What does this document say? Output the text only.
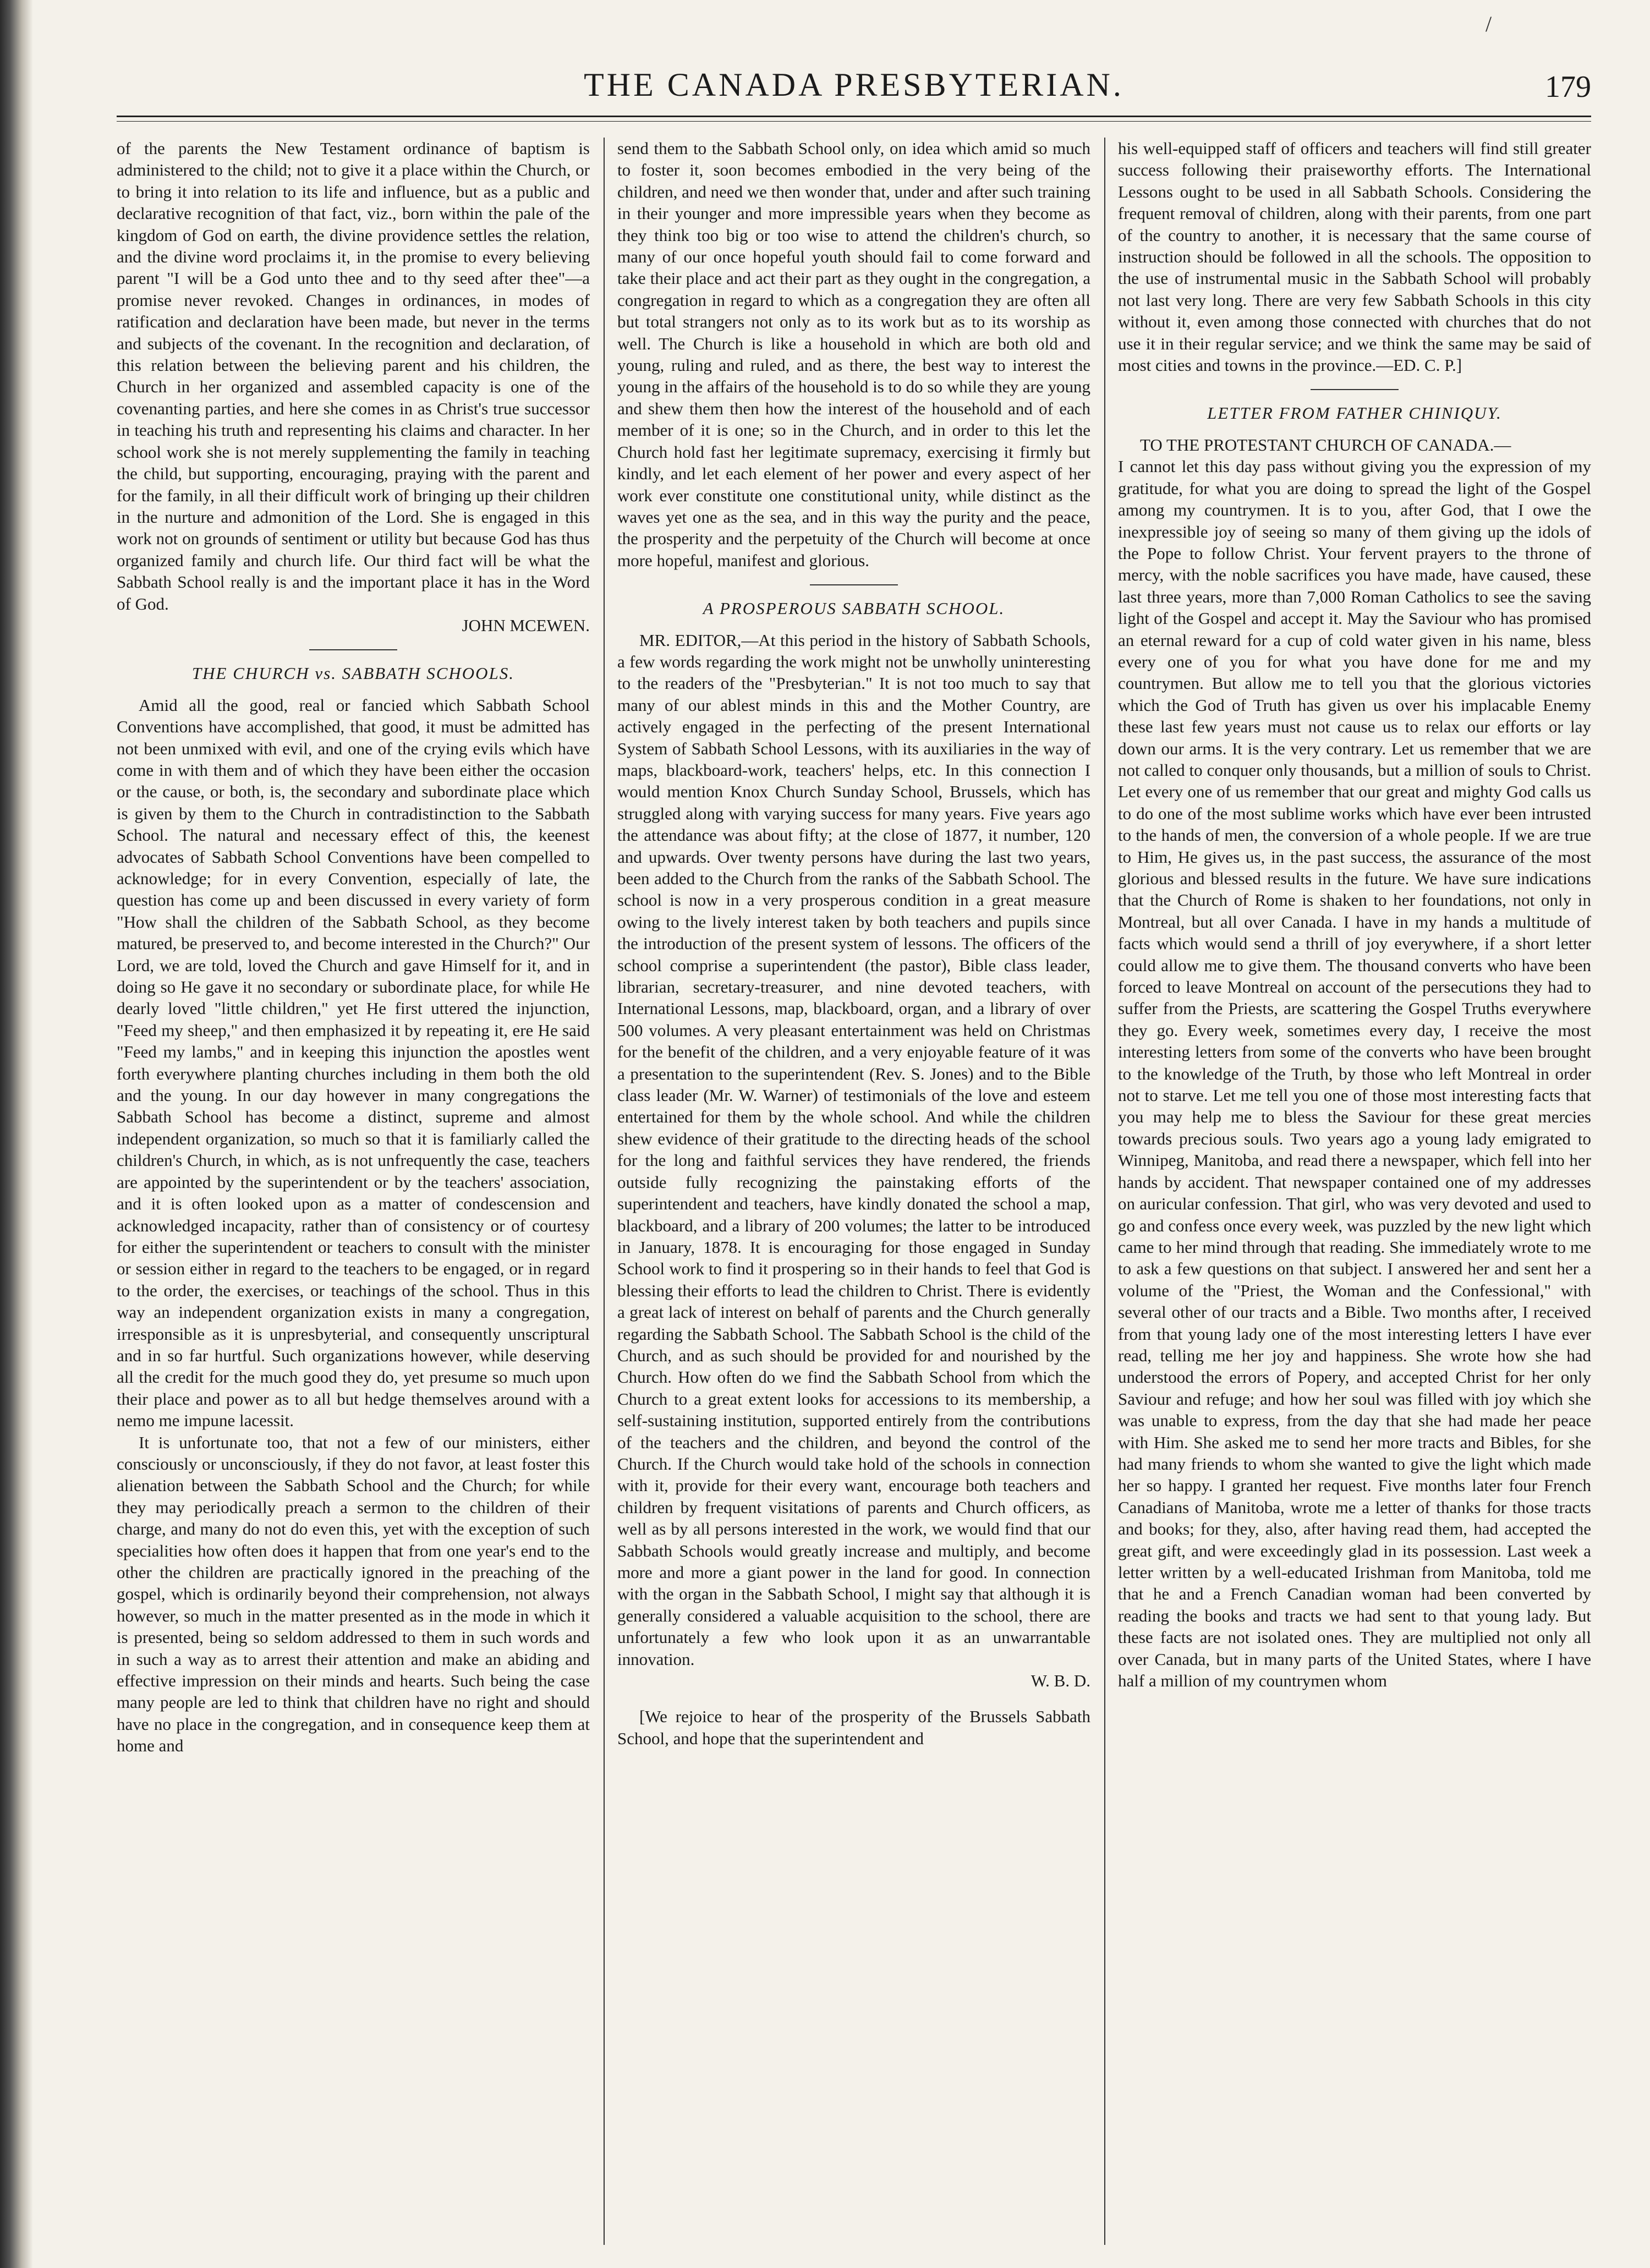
/
THE CANADA PRESBYTERIAN.	179

of the parents the New Testament ordinance of baptism is administered to the child; not to give it a place within the Church, or to bring it into relation to its life and influence, but as a public and declarative recognition of that fact, viz., born within the pale of the kingdom of God on earth, the divine providence settles the relation, and the divine word proclaims it, in the promise to every believing parent "I will be a God unto thee and to thy seed after thee"—a promise never revoked. Changes in ordinances, in modes of ratification and declaration have been made, but never in the terms and subjects of the covenant. In the recognition and declaration, of this relation between the believing parent and his children, the Church in her organized and assembled capacity is one of the covenanting parties, and here she comes in as Christ's true successor in teaching his truth and representing his claims and character. In her school work she is not merely supplementing the family in teaching the child, but supporting, encouraging, praying with the parent and for the family, in all their difficult work of bringing up their children in the nurture and admonition of the Lord. She is engaged in this work not on grounds of sentiment or utility but because God has thus organized family and church life. Our third fact will be what the Sabbath School really is and the important place it has in the Word of God.

JOHN MCEWEN.

THE CHURCH vs. SABBATH SCHOOLS.

Amid all the good, real or fancied which Sabbath School Conventions have accomplished, that good, it must be admitted has not been unmixed with evil, and one of the crying evils which have come in with them and of which they have been either the occasion or the cause, or both, is, the secondary and subordinate place which is given by them to the Church in contradistinction to the Sabbath School. The natural and necessary effect of this, the keenest advocates of Sabbath School Conventions have been compelled to acknowledge; for in every Convention, especially of late, the question has come up and been discussed in every variety of form "How shall the children of the Sabbath School, as they become matured, be preserved to, and become interested in the Church?" Our Lord, we are told, loved the Church and gave Himself for it, and in doing so He gave it no secondary or subordinate place, for while He dearly loved "little children," yet He first uttered the injunction, "Feed my sheep," and then emphasized it by repeating it, ere He said "Feed my lambs," and in keeping this injunction the apostles went forth everywhere planting churches including in them both the old and the young. In our day however in many congregations the Sabbath School has become a distinct, supreme and almost independent organization, so much so that it is familiarly called the children's Church, in which, as is not unfrequently the case, teachers are appointed by the superintendent or by the teachers' association, and it is often looked upon as a matter of condescension and acknowledged incapacity, rather than of consistency or of courtesy for either the superintendent or teachers to consult with the minister or session either in regard to the teachers to be engaged, or in regard to the order, the exercises, or teachings of the school. Thus in this way an independent organization exists in many a congregation, irresponsible as it is unpresbyterial, and consequently unscriptural and in so far hurtful. Such organizations however, while deserving all the credit for the much good they do, yet presume so much upon their place and power as to all but hedge themselves around with a nemo me impune lacessit.

It is unfortunate too, that not a few of our ministers, either consciously or unconsciously, if they do not favor, at least foster this alienation between the Sabbath School and the Church; for while they may periodically preach a sermon to the children of their charge, and many do not do even this, yet with the exception of such specialities how often does it happen that from one year's end to the other the children are practically ignored in the preaching of the gospel, which is ordinarily beyond their comprehension, not always however, so much in the matter presented as in the mode in which it is presented, being so seldom addressed to them in such words and in such a way as to arrest their attention and make an abiding and effective impression on their minds and hearts. Such being the case many people are led to think that children have no right and should have no place in the congregation, and in consequence keep them at home and

send them to the Sabbath School only, on idea which amid so much to foster it, soon becomes embodied in the very being of the children, and need we then wonder that, under and after such training in their younger and more impressible years when they become as they think too big or too wise to attend the children's church, so many of our once hopeful youth should fail to come forward and take their place and act their part as they ought in the congregation, a congregation in regard to which as a congregation they are often all but total strangers not only as to its work but as to its worship as well. The Church is like a household in which are both old and young, ruling and ruled, and as there, the best way to interest the young in the affairs of the household is to do so while they are young and shew them then how the interest of the household and of each member of it is one; so in the Church, and in order to this let the Church hold fast her legitimate supremacy, exercising it firmly but kindly, and let each element of her power and every aspect of her work ever constitute one constitutional unity, while distinct as the waves yet one as the sea, and in this way the purity and the peace, the prosperity and the perpetuity of the Church will become at once more hopeful, manifest and glorious.

A PROSPEROUS SABBATH SCHOOL.

MR. EDITOR,—At this period in the history of Sabbath Schools, a few words regarding the work might not be unwholly uninteresting to the readers of the "Presbyterian." It is not too much to say that many of our ablest minds in this and the Mother Country, are actively engaged in the perfecting of the present International System of Sabbath School Lessons, with its auxiliaries in the way of maps, blackboard-work, teachers' helps, etc. In this connection I would mention Knox Church Sunday School, Brussels, which has struggled along with varying success for many years. Five years ago the attendance was about fifty; at the close of 1877, it number, 120 and upwards. Over twenty persons have during the last two years, been added to the Church from the ranks of the Sabbath School. The school is now in a very prosperous condition in a great measure owing to the lively interest taken by both teachers and pupils since the introduction of the present system of lessons. The officers of the school comprise a superintendent (the pastor), Bible class leader, librarian, secretary-treasurer, and nine devoted teachers, with International Lessons, map, blackboard, organ, and a library of over 500 volumes. A very pleasant entertainment was held on Christmas for the benefit of the children, and a very enjoyable feature of it was a presentation to the superintendent (Rev. S. Jones) and to the Bible class leader (Mr. W. Warner) of testimonials of the love and esteem entertained for them by the whole school. And while the children shew evidence of their gratitude to the directing heads of the school for the long and faithful services they have rendered, the friends outside fully recognizing the painstaking efforts of the superintendent and teachers, have kindly donated the school a map, blackboard, and a library of 200 volumes; the latter to be introduced in January, 1878. It is encouraging for those engaged in Sunday School work to find it prospering so in their hands to feel that God is blessing their efforts to lead the children to Christ. There is evidently a great lack of interest on behalf of parents and the Church generally regarding the Sabbath School. The Sabbath School is the child of the Church, and as such should be provided for and nourished by the Church. How often do we find the Sabbath School from which the Church to a great extent looks for accessions to its membership, a self-sustaining institution, supported entirely from the contributions of the teachers and the children, and beyond the control of the Church. If the Church would take hold of the schools in connection with it, provide for their every want, encourage both teachers and children by frequent visitations of parents and Church officers, as well as by all persons interested in the work, we would find that our Sabbath Schools would greatly increase and multiply, and become more and more a giant power in the land for good. In connection with the organ in the Sabbath School, I might say that although it is generally considered a valuable acquisition to the school, there are unfortunately a few who look upon it as an unwarrantable innovation.

W. B. D.

[We rejoice to hear of the prosperity of the Brussels Sabbath School, and hope that the superintendent and

his well-equipped staff of officers and teachers will find still greater success following their praiseworthy efforts. The International Lessons ought to be used in all Sabbath Schools. Considering the frequent removal of children, along with their parents, from one part of the country to another, it is necessary that the same course of instruction should be followed in all the schools. The opposition to the use of instrumental music in the Sabbath School will probably not last very long. There are very few Sabbath Schools in this city without it, even among those connected with churches that do not use it in their regular service; and we think the same may be said of most cities and towns in the province.—ED. C. P.]

LETTER FROM FATHER CHINIQUY.

TO THE PROTESTANT CHURCH OF CANADA.—

I cannot let this day pass without giving you the expression of my gratitude, for what you are doing to spread the light of the Gospel among my countrymen. It is to you, after God, that I owe the inexpressible joy of seeing so many of them giving up the idols of the Pope to follow Christ. Your fervent prayers to the throne of mercy, with the noble sacrifices you have made, have caused, these last three years, more than 7,000 Roman Catholics to see the saving light of the Gospel and accept it. May the Saviour who has promised an eternal reward for a cup of cold water given in his name, bless every one of you for what you have done for me and my countrymen. But allow me to tell you that the glorious victories which the God of Truth has given us over his implacable Enemy these last few years must not cause us to relax our efforts or lay down our arms. It is the very contrary. Let us remember that we are not called to conquer only thousands, but a million of souls to Christ. Let every one of us remember that our great and mighty God calls us to do one of the most sublime works which have ever been intrusted to the hands of men, the conversion of a whole people. If we are true to Him, He gives us, in the past success, the assurance of the most glorious and blessed results in the future. We have sure indications that the Church of Rome is shaken to her foundations, not only in Montreal, but all over Canada. I have in my hands a multitude of facts which would send a thrill of joy everywhere, if a short letter could allow me to give them. The thousand converts who have been forced to leave Montreal on account of the persecutions they had to suffer from the Priests, are scattering the Gospel Truths everywhere they go. Every week, sometimes every day, I receive the most interesting letters from some of the converts who have been brought to the knowledge of the Truth, by those who left Montreal in order not to starve. Let me tell you one of those most interesting facts that you may help me to bless the Saviour for these great mercies towards precious souls. Two years ago a young lady emigrated to Winnipeg, Manitoba, and read there a newspaper, which fell into her hands by accident. That newspaper contained one of my addresses on auricular confession. That girl, who was very devoted and used to go and confess once every week, was puzzled by the new light which came to her mind through that reading. She immediately wrote to me to ask a few questions on that subject. I answered her and sent her a volume of the "Priest, the Woman and the Confessional," with several other of our tracts and a Bible. Two months after, I received from that young lady one of the most interesting letters I have ever read, telling me her joy and happiness. She wrote how she had understood the errors of Popery, and accepted Christ for her only Saviour and refuge; and how her soul was filled with joy which she was unable to express, from the day that she had made her peace with Him. She asked me to send her more tracts and Bibles, for she had many friends to whom she wanted to give the light which made her so happy. I granted her request. Five months later four French Canadians of Manitoba, wrote me a letter of thanks for those tracts and books; for they, also, after having read them, had accepted the great gift, and were exceedingly glad in its possession. Last week a letter written by a well-educated Irishman from Manitoba, told me that he and a French Canadian woman had been converted by reading the books and tracts we had sent to that young lady. But these facts are not isolated ones. They are multiplied not only all over Canada, but in many parts of the United States, where I have half a million of my countrymen whom
